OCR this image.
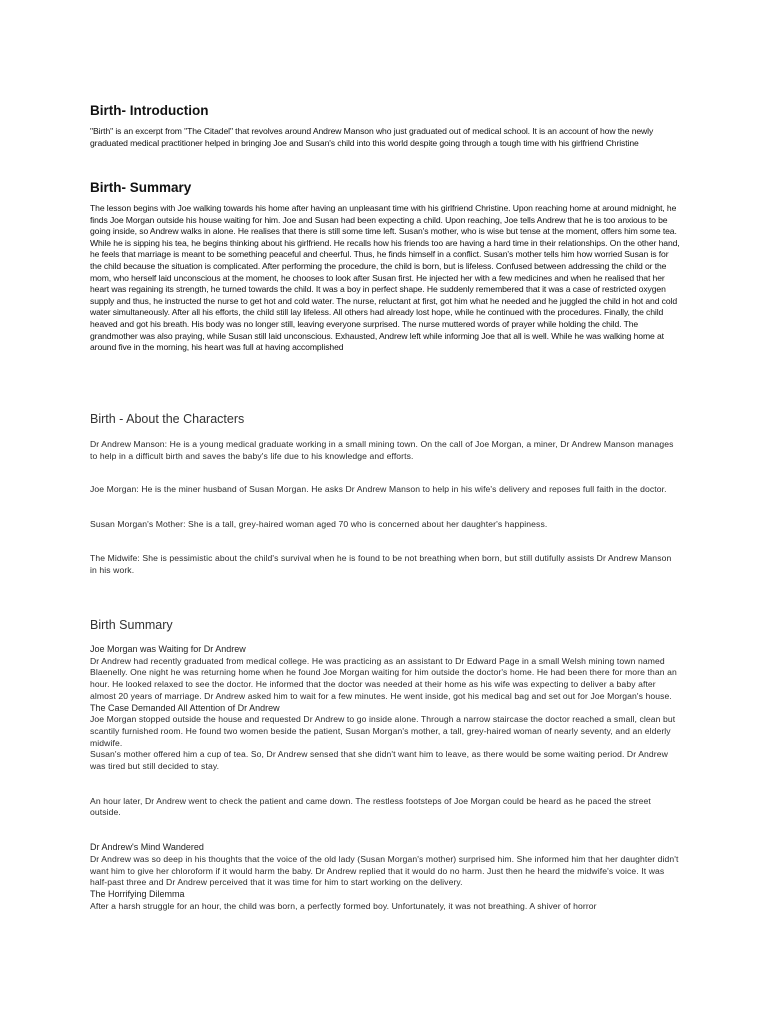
Birth- Introduction

"Birth" is an excerpt from "The Citadel" that revolves around Andrew Manson who just graduated out of medical school. It is an account of how the newly graduated medical practitioner helped in bringing Joe and Susan's child into this world despite going through a tough time with his girlfriend Christine

Birth- Summary

The lesson begins with Joe walking towards his home after having an unpleasant time with his girlfriend Christine. Upon reaching home at around midnight, he finds Joe Morgan outside his house waiting for him. Joe and Susan had been expecting a child. Upon reaching, Joe tells Andrew that he is too anxious to be going inside, so Andrew walks in alone. He realises that there is still some time left. Susan's mother, who is wise but tense at the moment, offers him some tea. While he is sipping his tea, he begins thinking about his girlfriend. He recalls how his friends too are having a hard time in their relationships. On the other hand, he feels that marriage is meant to be something peaceful and cheerful. Thus, he finds himself in a conflict. Susan's mother tells him how worried Susan is for the child because the situation is complicated. After performing the procedure, the child is born, but is lifeless. Confused between addressing the child or the mom, who herself laid unconscious at the moment, he chooses to look after Susan first. He injected her with a few medicines and when he realised that her heart was regaining its strength, he turned towards the child. It was a boy in perfect shape. He suddenly remembered that it was a case of restricted oxygen supply and thus, he instructed the nurse to get hot and cold water. The nurse, reluctant at first, got him what he needed and he juggled the child in hot and cold water simultaneously. After all his efforts, the child still lay lifeless. All others had already lost hope, while he continued with the procedures. Finally, the child heaved and got his breath. His body was no longer still, leaving everyone surprised. The nurse muttered words of prayer while holding the child. The grandmother was also praying, while Susan still laid unconscious. Exhausted, Andrew left while informing Joe that all is well. While he was walking home at around five in the morning, his heart was full at having accomplished

Birth - About the Characters

Dr Andrew Manson: He is a young medical graduate working in a small mining town. On the call of Joe Morgan, a miner, Dr Andrew Manson manages to help in a difficult birth and saves the baby's life due to his knowledge and efforts.

Joe Morgan: He is the miner husband of Susan Morgan. He asks Dr Andrew Manson to help in his wife's delivery and reposes full faith in the doctor.

Susan Morgan's Mother: She is a tall, grey-haired woman aged 70 who is concerned about her daughter's happiness.

The Midwife: She is pessimistic about the child's survival when he is found to be not breathing when born, but still dutifully assists Dr Andrew Manson in his work.

Birth Summary

Joe Morgan was Waiting for Dr Andrew

Dr Andrew had recently graduated from medical college. He was practicing as an assistant to Dr Edward Page in a small Welsh mining town named Blaenelly. One night he was returning home when he found Joe Morgan waiting for him outside the doctor's home. He had been there for more than an hour. He looked relaxed to see the doctor. He informed that the doctor was needed at their home as his wife was expecting to deliver a baby after almost 20 years of marriage. Dr Andrew asked him to wait for a few minutes. He went inside, got his medical bag and set out for Joe Morgan's house.

The Case Demanded All Attention of Dr Andrew

Joe Morgan stopped outside the house and requested Dr Andrew to go inside alone. Through a narrow staircase the doctor reached a small, clean but scantily furnished room. He found two women beside the patient, Susan Morgan's mother, a tall, grey-haired woman of nearly seventy, and an elderly midwife.

Susan's mother offered him a cup of tea. So, Dr Andrew sensed that she didn't want him to leave, as there would be some waiting period. Dr Andrew was tired but still decided to stay.

An hour later, Dr Andrew went to check the patient and came down. The restless footsteps of Joe Morgan could be heard as he paced the street outside.

Dr Andrew's Mind Wandered

Dr Andrew was so deep in his thoughts that the voice of the old lady (Susan Morgan's mother) surprised him. She informed him that her daughter didn't want him to give her chloroform if it would harm the baby. Dr Andrew replied that it would do no harm. Just then he heard the midwife's voice. It was half-past three and Dr Andrew perceived that it was time for him to start working on the delivery.

The Horrifying Dilemma

After a harsh struggle for an hour, the child was born, a perfectly formed boy. Unfortunately, it was not breathing. A shiver of horror
